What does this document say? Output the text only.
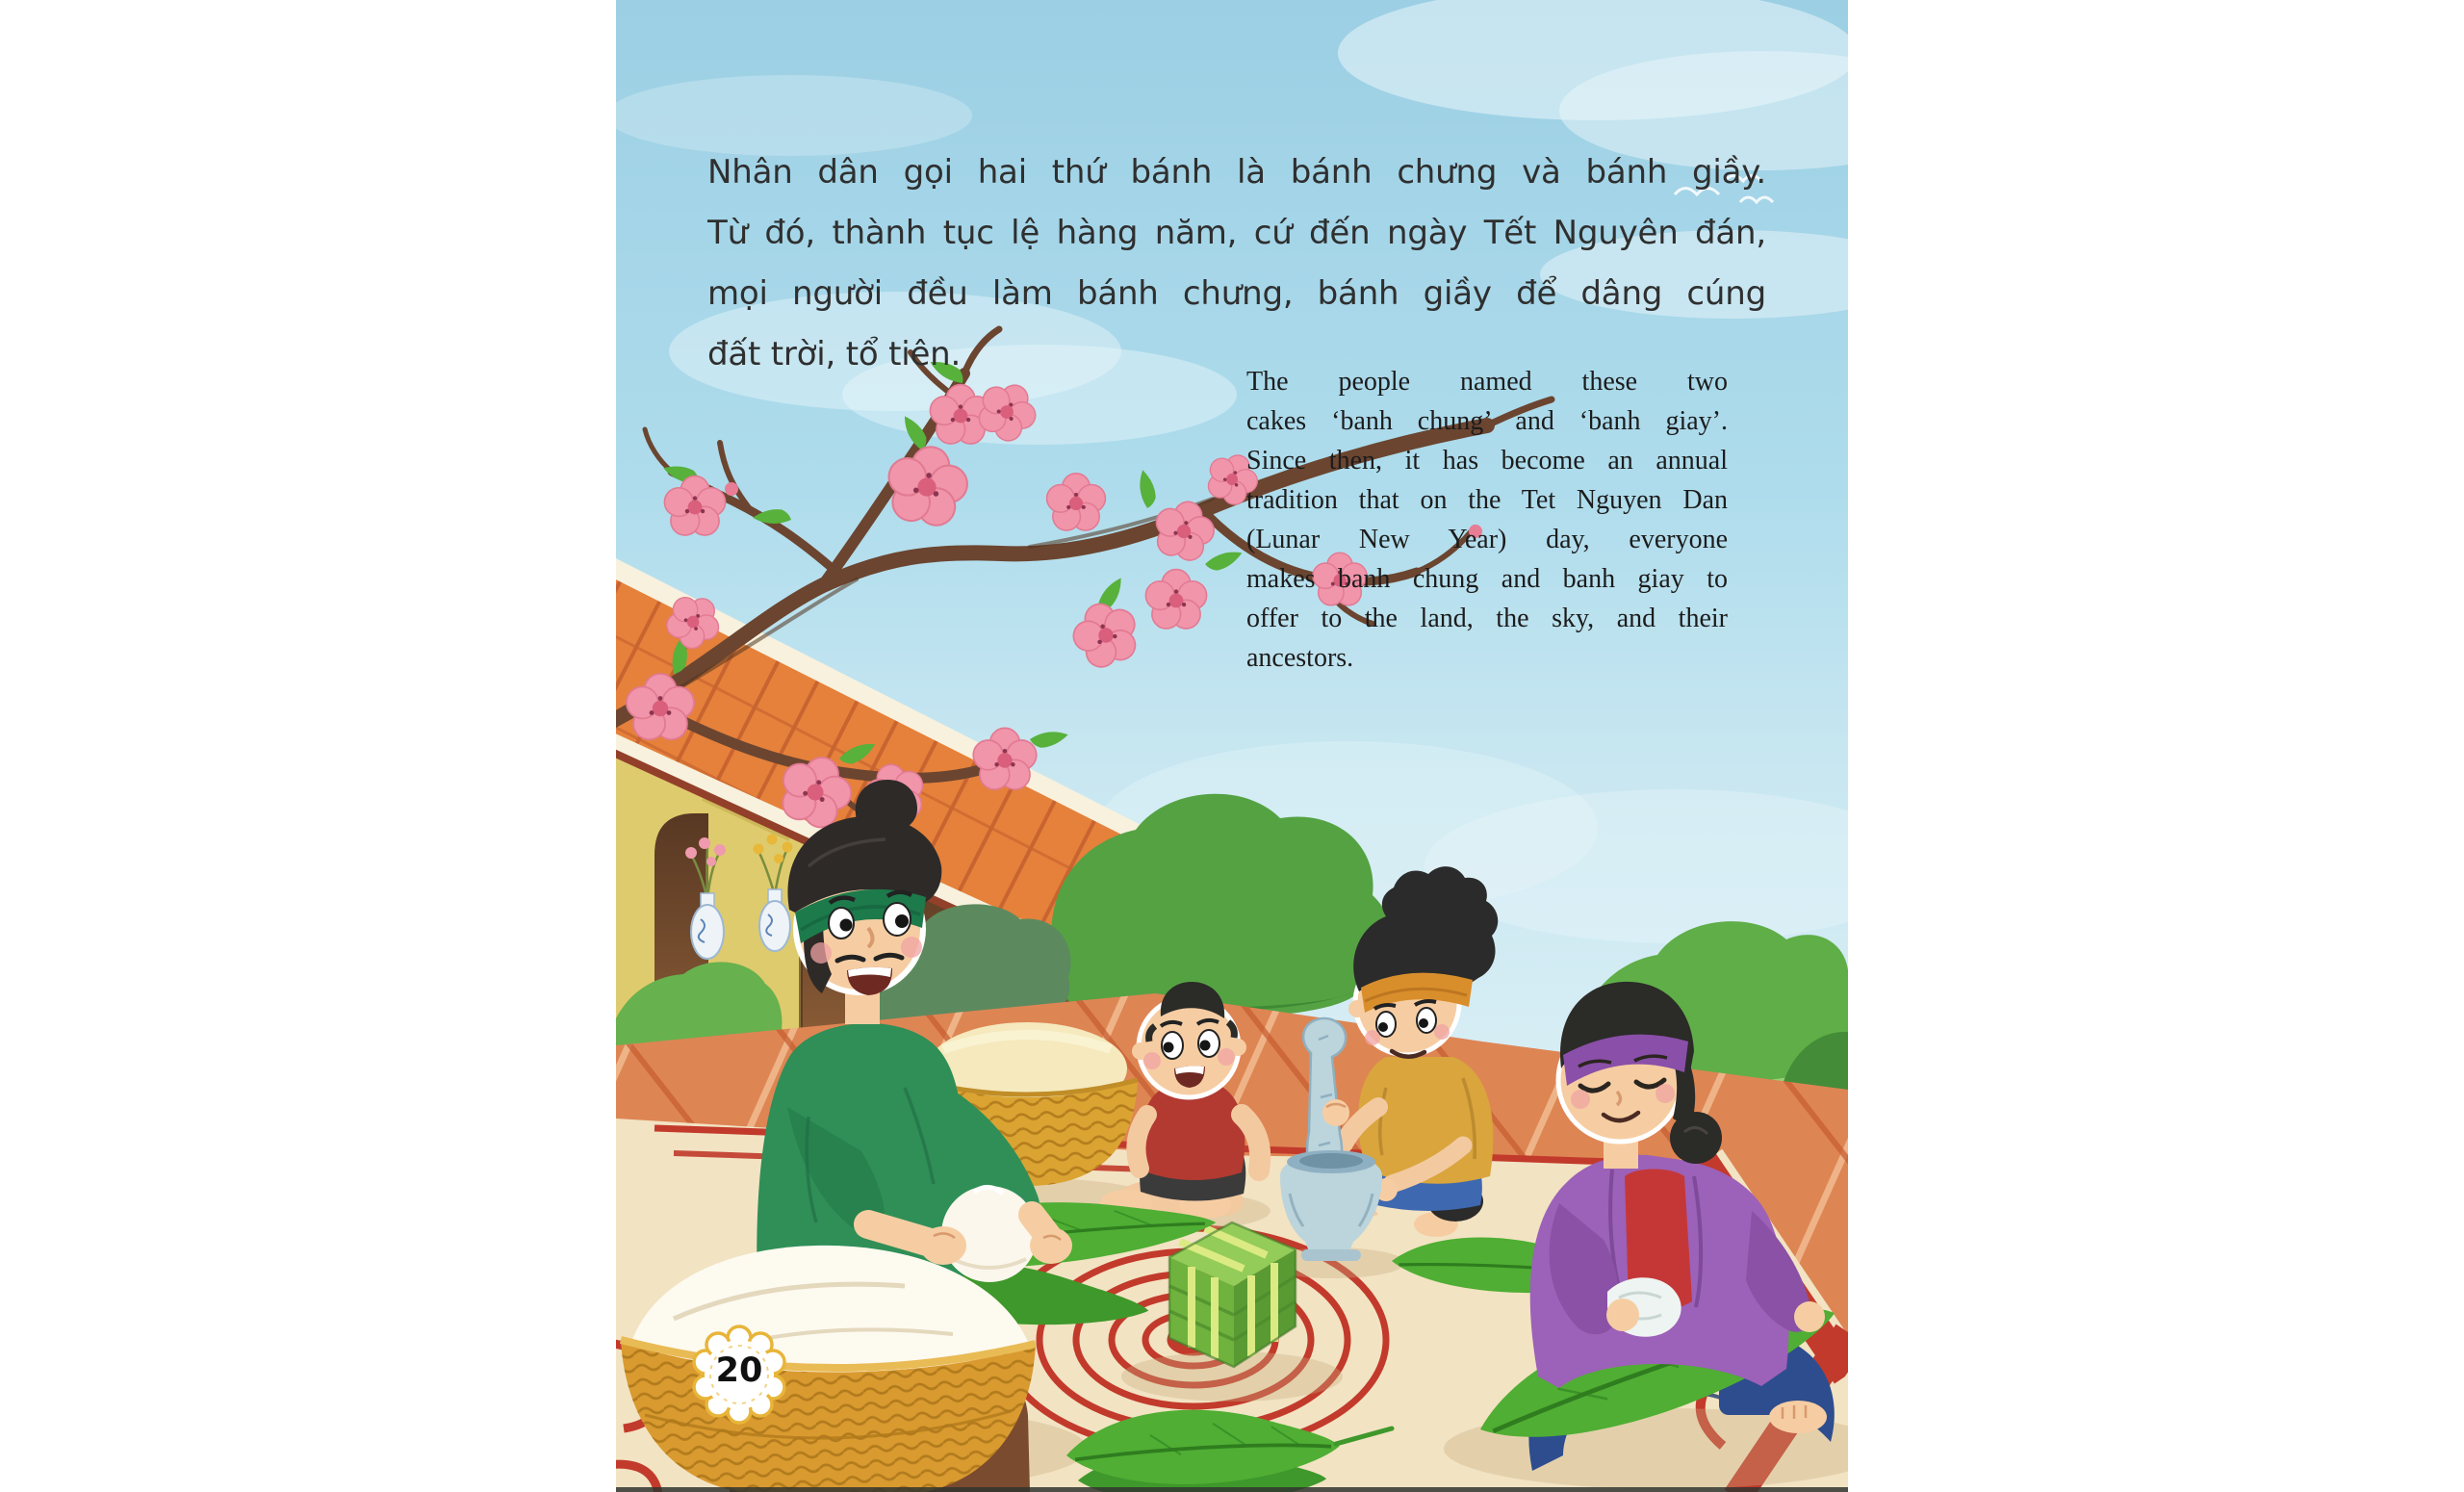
Nhân dân gọi hai thứ bánh là bánh chưng và bánh giầy.
Từ đó, thành tục lệ hàng năm, cứ đến ngày Tết Nguyên đán,
mọi người đều làm bánh chưng, bánh giầy để dâng cúng
đất trời, tổ tiên.
The people named these two
cakes ‘banh chung’ and ‘banh giay’.
Since then, it has become an annual
tradition that on the Tet Nguyen Dan
(Lunar New Year) day, everyone
makes banh chung and banh giay to
offer to the land, the sky, and their
ancestors.
20
